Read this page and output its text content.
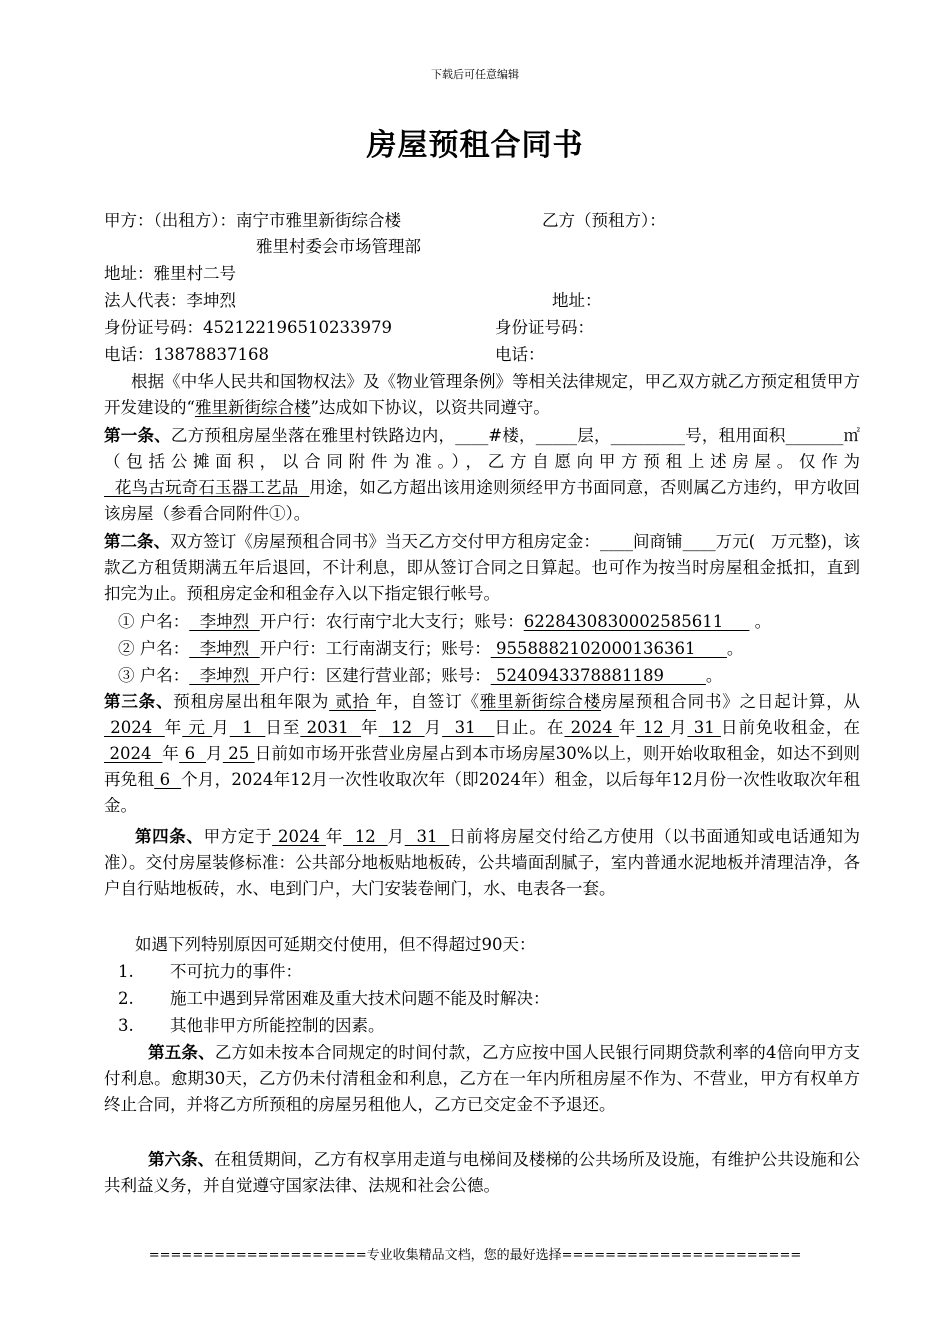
下载后可任意编辑
房屋预租合同书
甲方：（出租方）：南宁市雅里新街综合楼	乙方（预租方）：
雅里村委会市场管理部
地址：雅里村二号
法人代表：李坤烈	地址：
身份证号码：452122196510233979	身份证号码：
电话：13878837168	电话：
根据《中华人民共和国物权法》及《物业管理条例》等相关法律规定，甲乙双方就乙方预定租赁甲方开发建设的“雅里新街综合楼”达成如下协议，以资共同遵守。
第一条、乙方预租房屋坐落在雅里村铁路边内，____#楼，_____层，_________号，租用面积_______㎡（包括公摊面积，以合同附件为准。），乙方自愿向甲方预租上述房屋。仅作为  花鸟古玩奇石玉器工艺品  用途，如乙方超出该用途则须经甲方书面同意，否则属乙方违约，甲方收回该房屋（参看合同附件①）。
第二条、双方签订《房屋预租合同书》当天乙方交付甲方租房定金：____间商铺____万元(   万元整)，该款乙方租赁期满五年后退回，不计利息，即从签订合同之日算起。也可作为按当时房屋租金抵扣，直到扣完为止。预租房定金和租金存入以下指定银行帐号。
① 户名：  李坤烈  开户行：农行南宁北大支行；账号：6228430830002585611      。
② 户名：  李坤烈  开户行：工行南湖支行；账号： 9558882102000136361      。
③ 户名：  李坤烈  开户行：区建行营业部；账号： 5240943378881189        。
第三条、预租房屋出租年限为 贰拾 年，自签订《雅里新街综合楼房屋预租合同书》之日起计算，从 2024  年 元 月  1  日至 2031  年  12  月  31   日止。在 2024 年 12 月 31 日前免收租金，在 2024  年 6  月 25 日前如市场开张营业房屋占到本市场房屋30%以上，则开始收取租金，如达不到则再免租 6  个月，2024年12月一次性收取次年（即2024年）租金，以后每年12月份一次性收取次年租金。
第四条、甲方定于 2024 年  12  月  31  日前将房屋交付给乙方使用（以书面通知或电话通知为准）。交付房屋装修标准：公共部分地板贴地板砖，公共墙面刮腻子，室内普通水泥地板并清理洁净，各户自行贴地板砖，水、电到门户，大门安装卷闸门，水、电表各一套。
如遇下列特别原因可延期交付使用，但不得超过90天：
1. 不可抗力的事件：
2. 施工中遇到异常困难及重大技术问题不能及时解决：
3. 其他非甲方所能控制的因素。
第五条、乙方如未按本合同规定的时间付款，乙方应按中国人民银行同期贷款利率的4倍向甲方支付利息。愈期30天，乙方仍未付清租金和利息，乙方在一年内所租房屋不作为、不营业，甲方有权单方终止合同，并将乙方所预租的房屋另租他人，乙方已交定金不予退还。
第六条、在租赁期间，乙方有权享用走道与电梯间及楼梯的公共场所及设施，有维护公共设施和公共利益义务，并自觉遵守国家法律、法规和社会公德。
====================专业收集精品文档，您的最好选择======================
